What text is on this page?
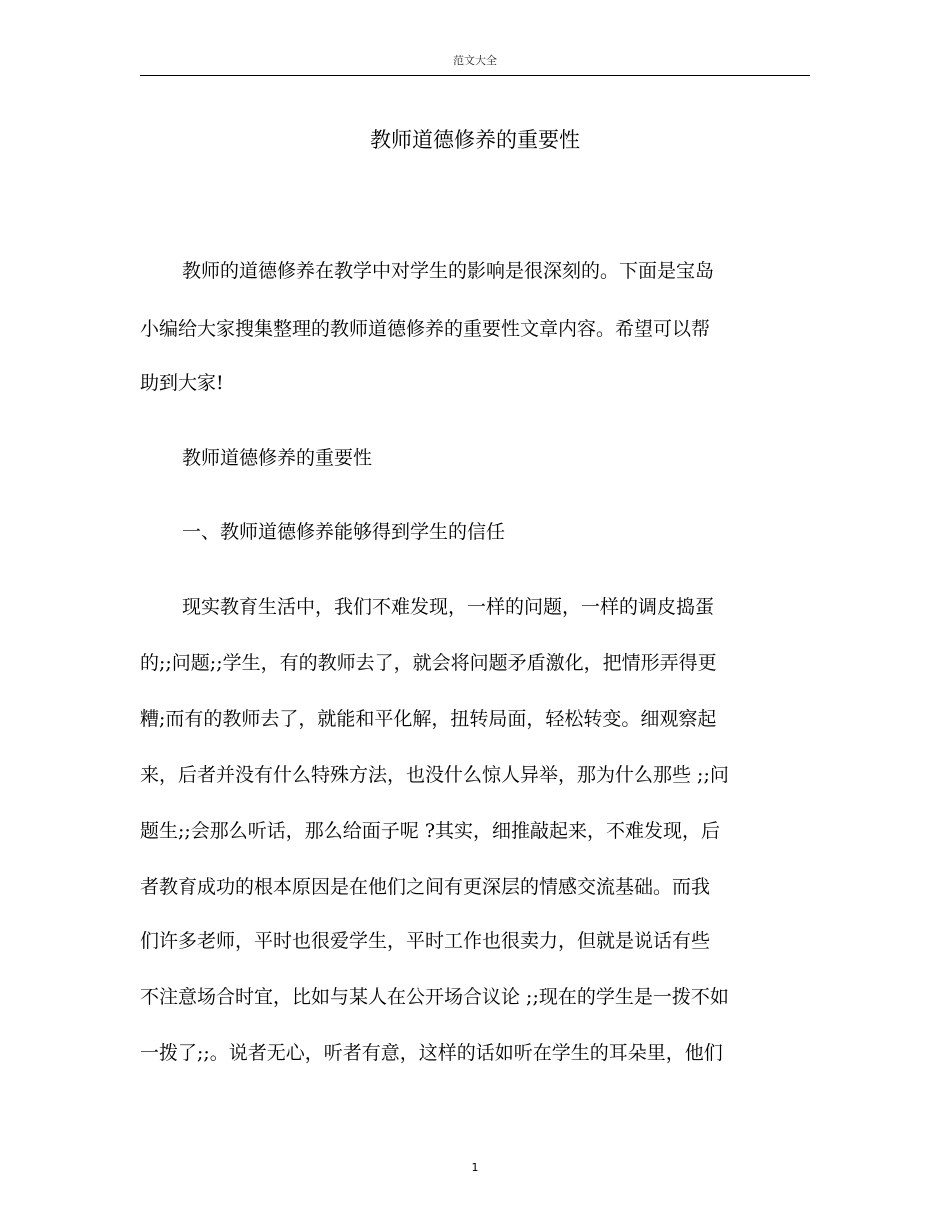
范文大全
教师道德修养的重要性
教师的道德修养在教学中对学生的影响是很深刻的。下面是宝岛
小编给大家搜集整理的教师道德修养的重要性文章内容。希望可以帮
助到大家!
教师道德修养的重要性
一、教师道德修养能够得到学生的信任
现实教育生活中，我们不难发现，一样的问题，一样的调皮捣蛋
的;;问题;;学生，有的教师去了，就会将问题矛盾激化，把情形弄得更
糟;而有的教师去了，就能和平化解，扭转局面，轻松转变。细观察起
来，后者并没有什么特殊方法，也没什么惊人异举，那为什么那些 ;;问
题生;;会那么听话，那么给面子呢 ?其实，细推敲起来，不难发现，后
者教育成功的根本原因是在他们之间有更深层的情感交流基础。而我
们许多老师，平时也很爱学生，平时工作也很卖力，但就是说话有些
不注意场合时宜，比如与某人在公开场合议论 ;;现在的学生是一拨不如
一拨了;;。说者无心，听者有意，这样的话如听在学生的耳朵里，他们
1
